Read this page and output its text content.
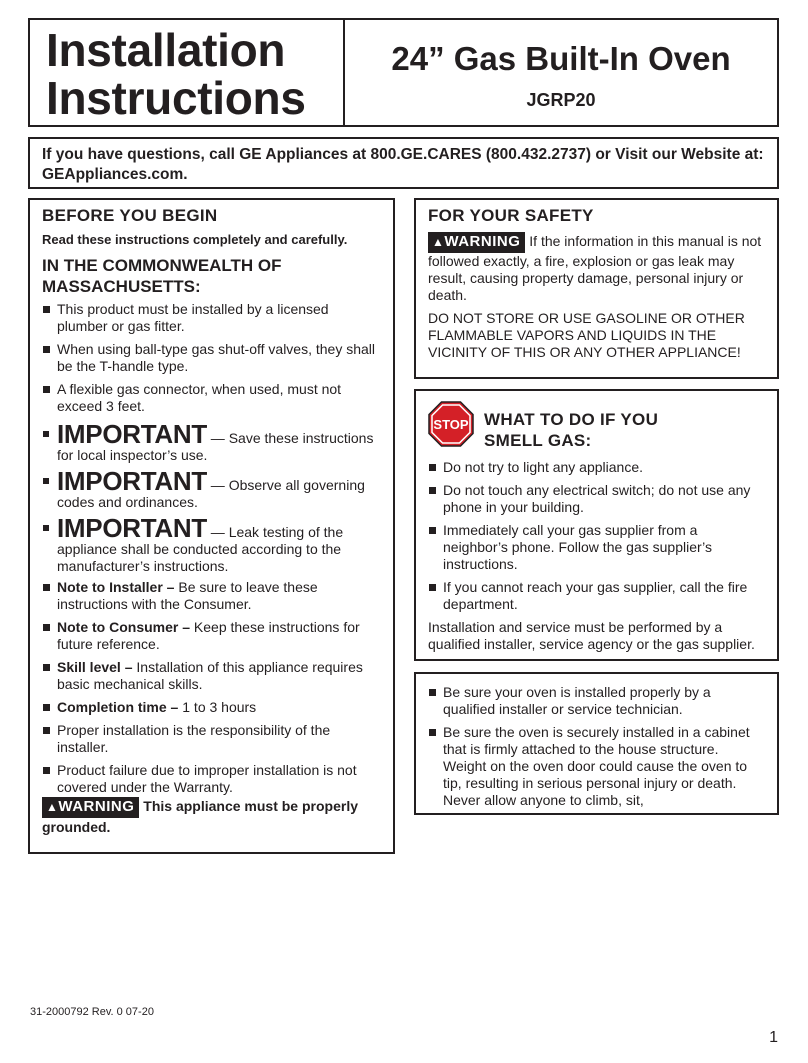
Installation
Instructions
24” Gas Built-In Oven
JGRP20
If you have questions, call GE Appliances at 800.GE.CARES (800.432.2737) or Visit our Website at: GEAppliances.com.
BEFORE YOU BEGIN

Read these instructions completely and carefully.

IN THE COMMONWEALTH OF MASSACHUSETTS:
This product must be installed by a licensed plumber or gas fitter.
When using ball-type gas shut-off valves, they shall be the T-handle type.
A flexible gas connector, when used, must not exceed 3 feet.
IMPORTANT — Save these instructions for local inspector’s use.
IMPORTANT — Observe all governing codes and ordinances.
IMPORTANT — Leak testing of the appliance shall be conducted according to the manufacturer’s instructions.
Note to Installer – Be sure to leave these instructions with the Consumer.
Note to Consumer – Keep these instructions for future reference.
Skill level – Installation of this appliance requires basic mechanical skills.
Completion time – 1 to 3 hours
Proper installation is the responsibility of the installer.
Product failure due to improper installation is not covered under the Warranty.
▲WARNING This appliance must be properly grounded.
FOR YOUR SAFETY

▲WARNING If the information in this manual is not followed exactly, a fire, explosion or gas leak may result, causing property damage, personal injury or death.

DO NOT STORE OR USE GASOLINE OR OTHER FLAMMABLE VAPORS AND LIQUIDS IN THE VICINITY OF THIS OR ANY OTHER APPLIANCE!

STOP WHAT TO DO IF YOU
SMELL GAS:
Do not try to light any appliance.
Do not touch any electrical switch; do not use any phone in your building.
Immediately call your gas supplier from a neighbor’s phone. Follow the gas supplier’s instructions.
If you cannot reach your gas supplier, call the fire department.

Installation and service must be performed by a qualified installer, service agency or the gas supplier.

Be sure your oven is installed properly by a qualified installer or service technician.
Be sure the oven is securely installed in a cabinet that is firmly attached to the house structure. Weight on the oven door could cause the oven to tip, resulting in serious personal injury or death. Never allow anyone to climb, sit,
31-2000792 Rev. 0 07-20
1
